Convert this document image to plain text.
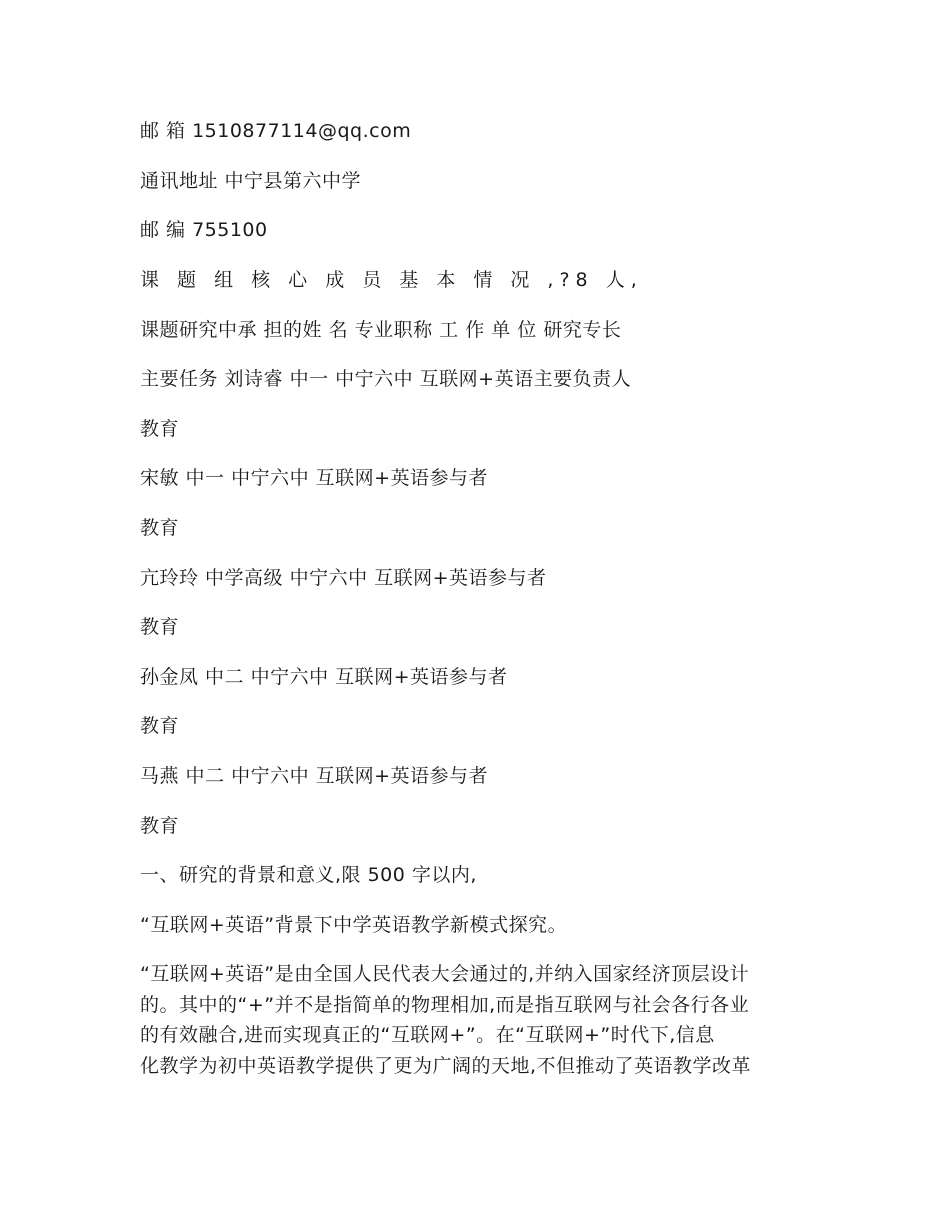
邮 箱 1510877114@qq.com
通讯地址 中宁县第六中学
邮 编 755100
课 题 组 核 心 成 员 基 本 情 况 ,?8 人,
课题研究中承 担的姓 名 专业职称 工 作 单 位 研究专长
主要任务 刘诗睿 中一 中宁六中 互联网+英语主要负责人
教育
宋敏 中一 中宁六中 互联网+英语参与者
教育
亢玲玲 中学高级 中宁六中 互联网+英语参与者
教育
孙金凤 中二 中宁六中 互联网+英语参与者
教育
马燕 中二 中宁六中 互联网+英语参与者
教育
一、研究的背景和意义,限 500 字以内,
“互联网+英语”背景下中学英语教学新模式探究。
“互联网+英语”是由全国人民代表大会通过的,并纳入国家经济顶层设计
的。其中的“+”并不是指简单的物理相加,而是指互联网与社会各行各业
的有效融合,进而实现真正的“互联网+”。在“互联网+”时代下,信息
化教学为初中英语教学提供了更为广阔的天地,不但推动了英语教学改革
